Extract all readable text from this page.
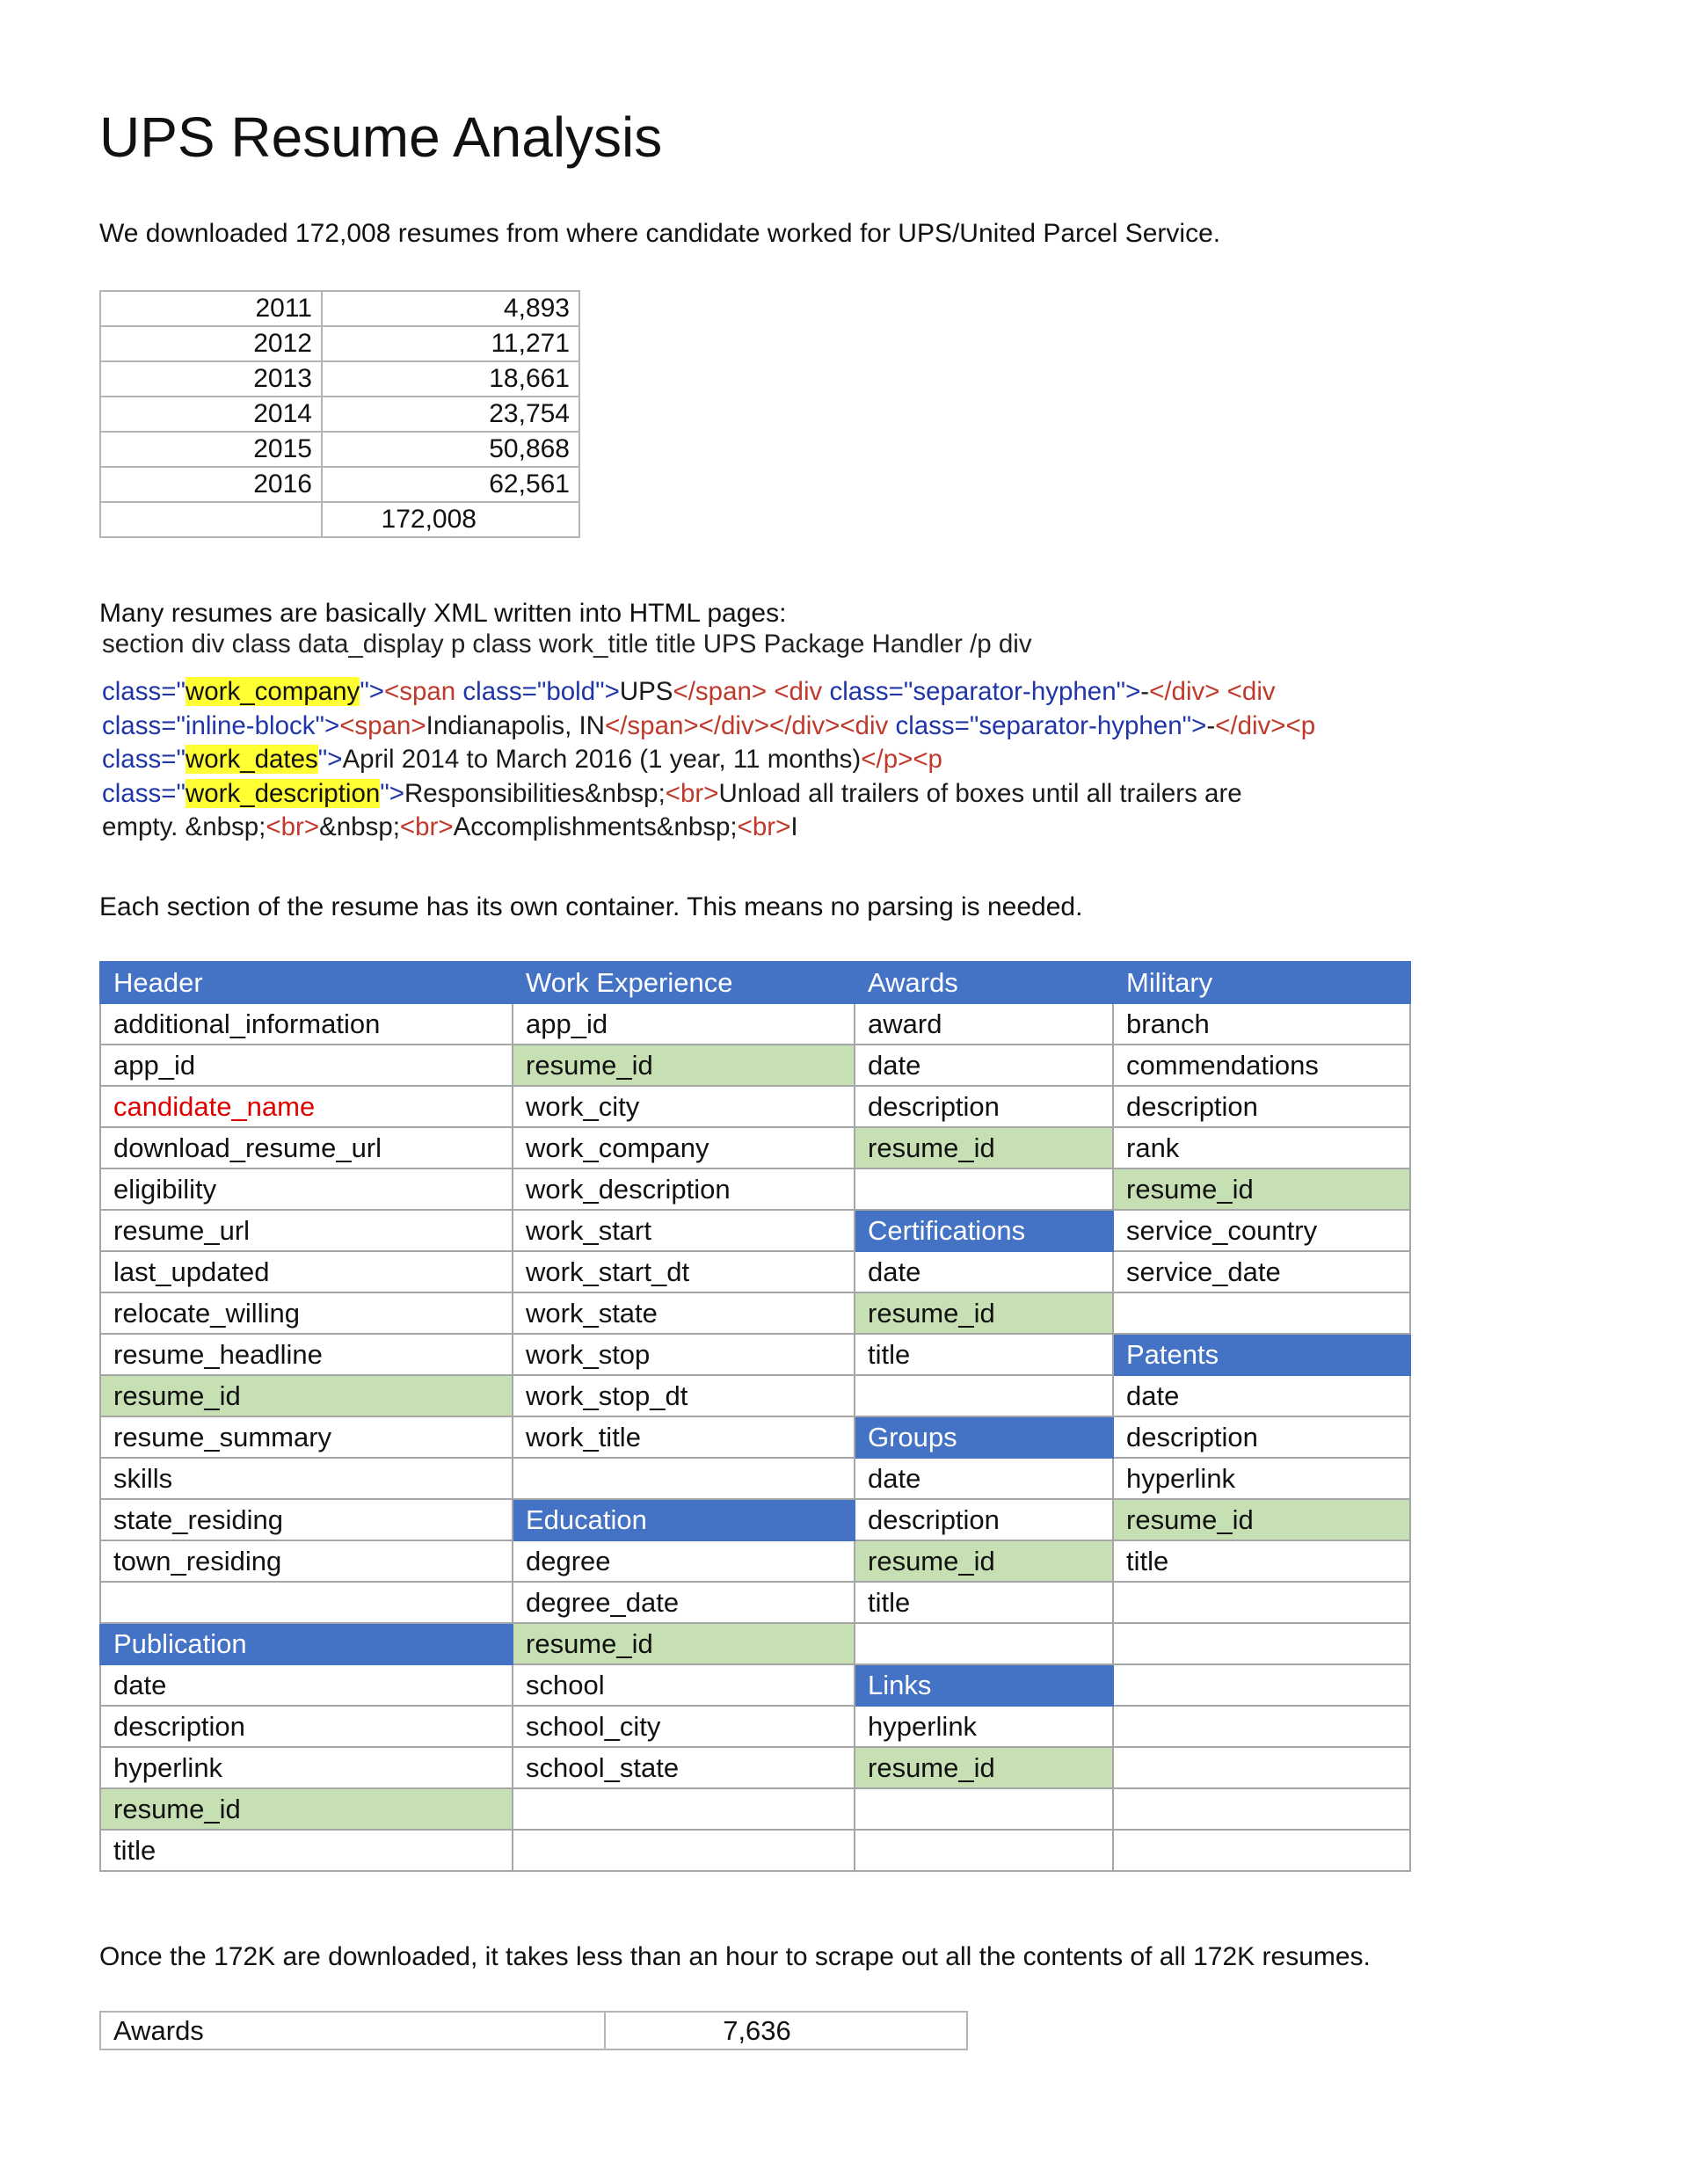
UPS Resume Analysis

We downloaded 172,008 resumes from where candidate worked for UPS/United Parcel Service.

2011	4,893
2012	11,271
2013	18,661
2014	23,754
2015	50,868
2016	62,561
	172,008

Many resumes are basically XML written into HTML pages:

section div class data_display p class work_title title UPS Package Handler /p div
class="work_company"><span class="bold">UPS</span> <div class="separator-hyphen">-</div> <div
class="inline-block"><span>Indianapolis, IN</span></div></div><div class="separator-hyphen">-</div><p
class="work_dates">April 2014 to March 2016 (1 year, 11 months)</p><p
class="work_description">Responsibilities&nbsp;<br>Unload all trailers of boxes until all trailers are
empty. &nbsp;<br>&nbsp;<br>Accomplishments&nbsp;<br>I

Each section of the resume has its own container. This means no parsing is needed.

Header	Work Experience	Awards	Military
additional_information	app_id	award	branch
app_id	resume_id	date	commendations
candidate_name	work_city	description	description
download_resume_url	work_company	resume_id	rank
eligibility	work_description		resume_id
resume_url	work_start	Certifications	service_country
last_updated	work_start_dt	date	service_date
relocate_willing	work_state	resume_id	
resume_headline	work_stop	title	Patents
resume_id	work_stop_dt		date
resume_summary	work_title	Groups	description
skills		date	hyperlink
state_residing	Education	description	resume_id
town_residing	degree	resume_id	title
	degree_date	title	
Publication	resume_id		
date	school	Links	
description	school_city	hyperlink	
hyperlink	school_state	resume_id	
resume_id			
title			

Once the 172K are downloaded, it takes less than an hour to scrape out all the contents of all 172K resumes.

Awards	7,636
